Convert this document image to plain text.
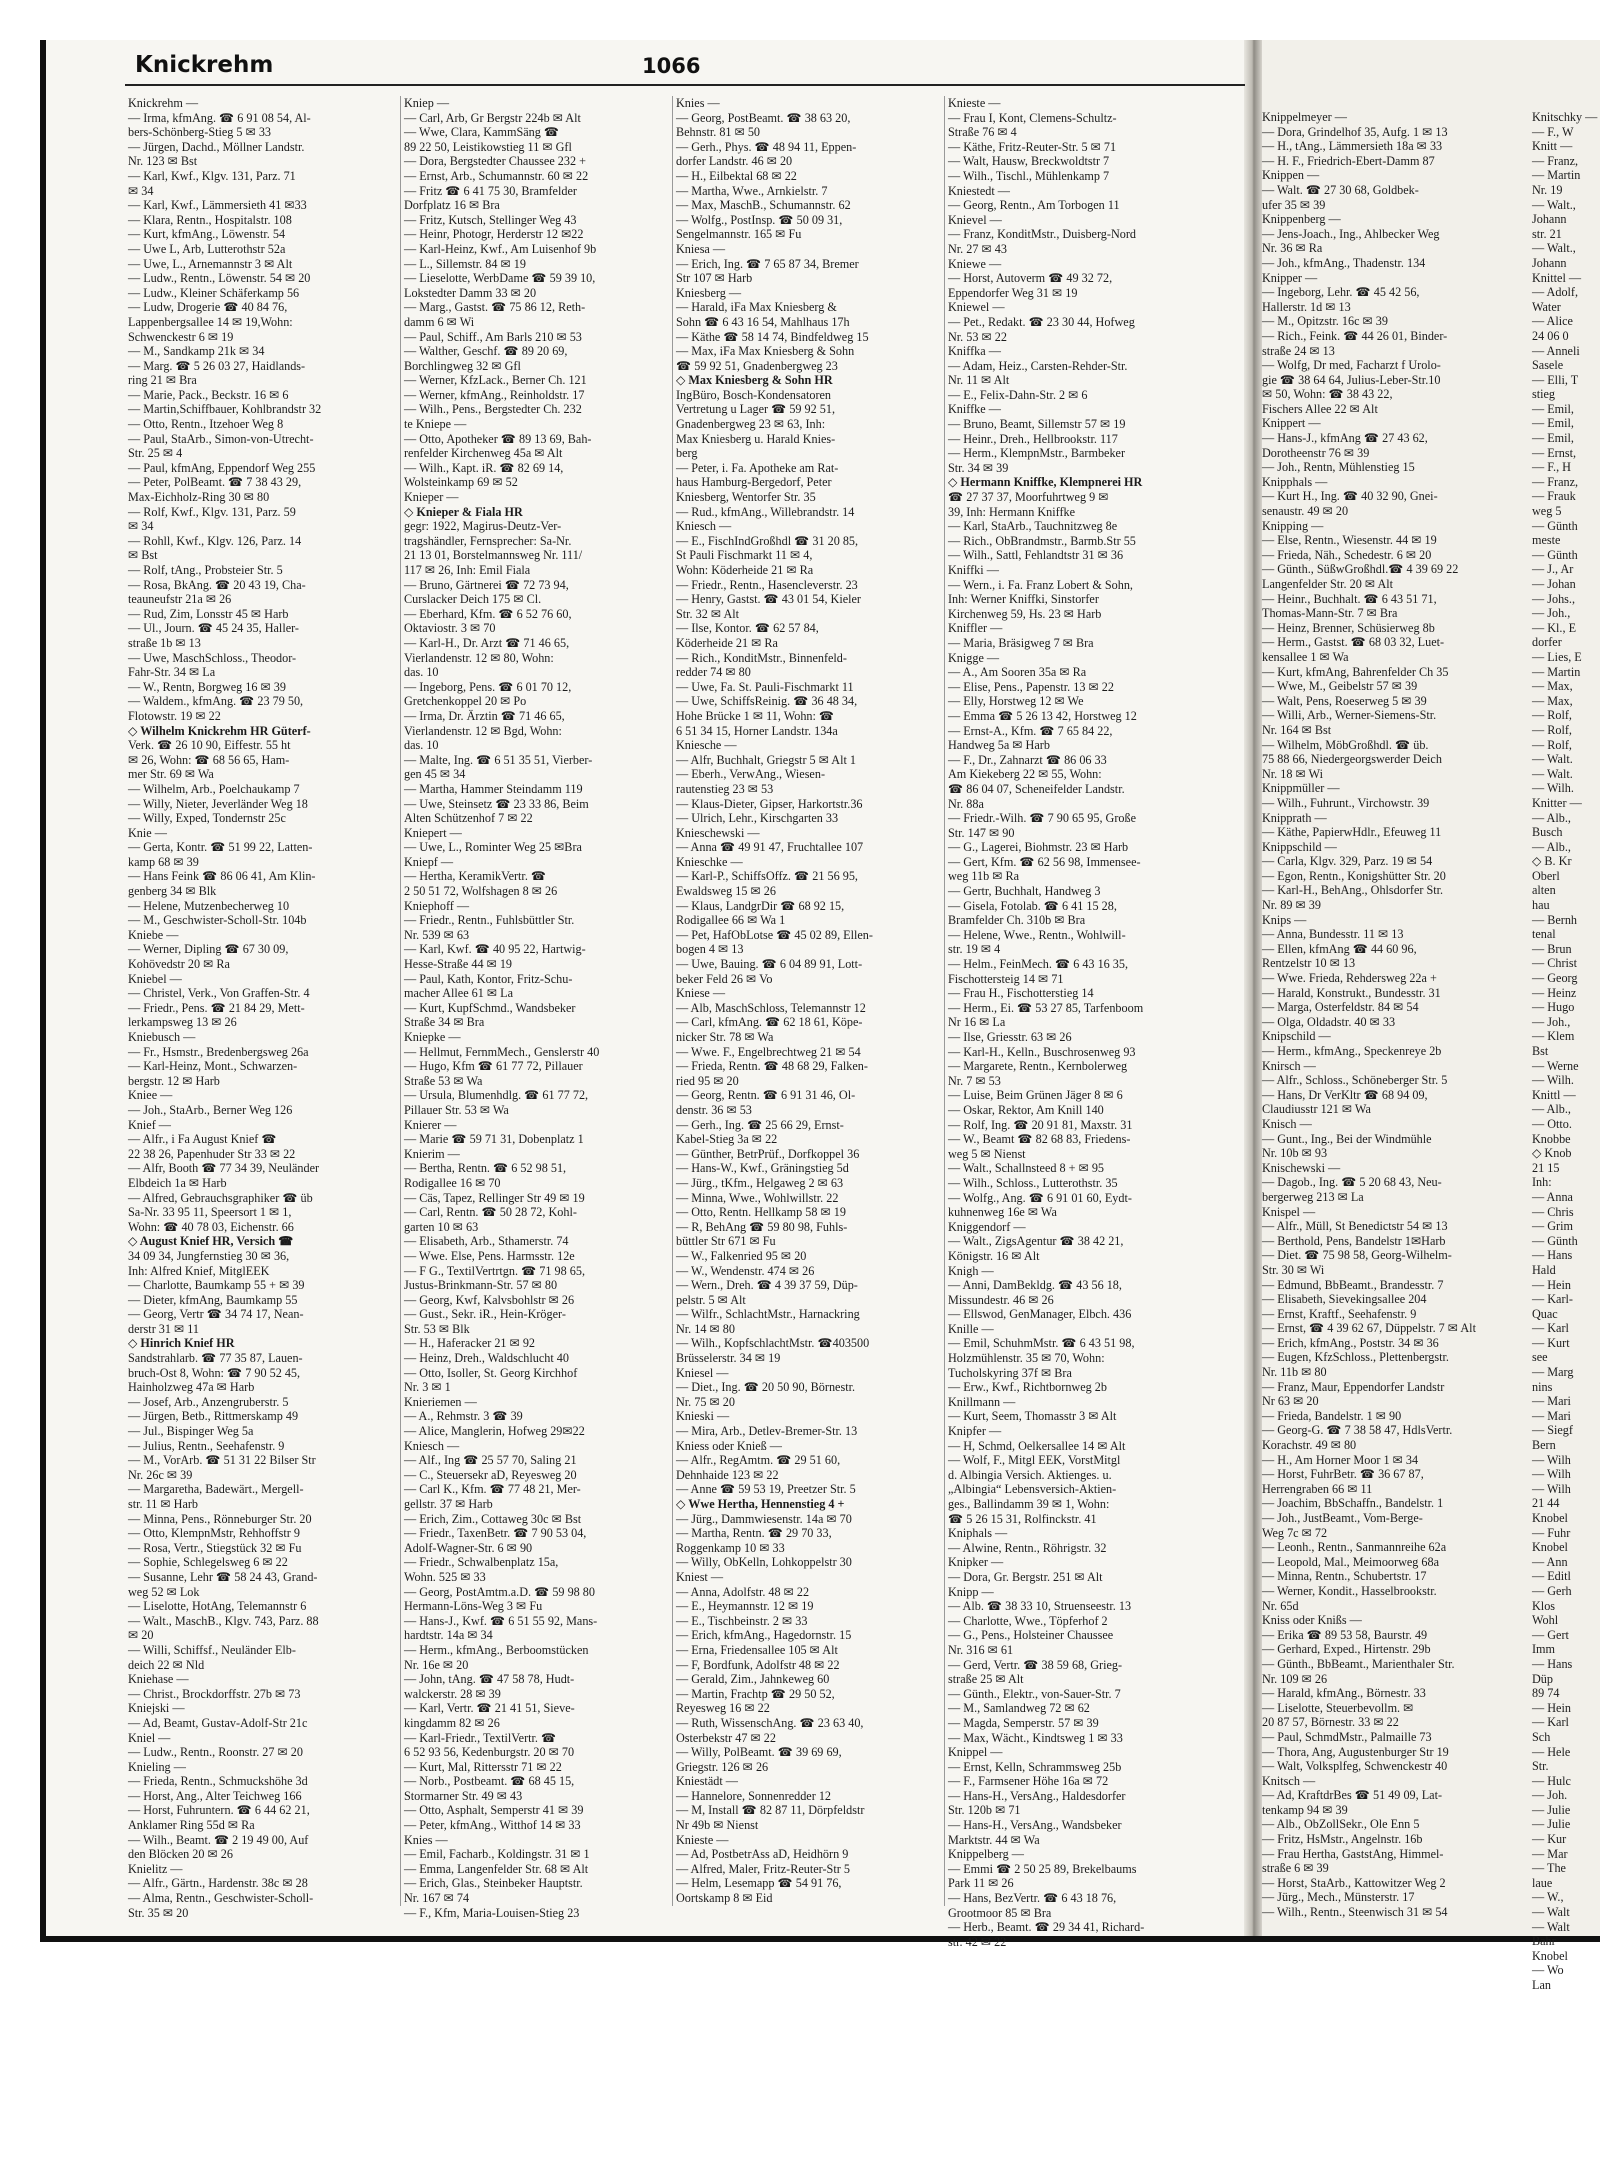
Knickrehm	1066
Knickrehm —
— Irma, kfmAng. ☎ 6 91 08 54, Al-
bers-Schönberg-Stieg 5 ✉ 33
— Jürgen, Dachd., Möllner Landstr.
Nr. 123 ✉ Bst
— Karl, Kwf., Klgv. 131, Parz. 71
✉ 34
— Karl, Kwf., Lämmersieth 41 ✉33
— Klara, Rentn., Hospitalstr. 108
— Kurt, kfmAng., Löwenstr. 54
— Uwe L, Arb, Lutterothstr 52a
— Uwe, L., Arnemannstr 3 ✉ Alt
— Ludw., Rentn., Löwenstr. 54 ✉ 20
— Ludw., Kleiner Schäferkamp 56
— Ludw, Drogerie ☎ 40 84 76,
Lappenbergsallee 14 ✉ 19,Wohn:
Schwenckestr 6 ✉ 19
— M., Sandkamp 21k ✉ 34
— Marg. ☎ 5 26 03 27, Haidlands-
ring 21 ✉ Bra
— Marie, Pack., Beckstr. 16 ✉ 6
— Martin,Schiffbauer, Kohlbrandstr 32
— Otto, Rentn., Itzehoer Weg 8
— Paul, StaArb., Simon-von-Utrecht-
Str. 25 ✉ 4
— Paul, kfmAng, Eppendorf Weg 255
— Peter, PolBeamt. ☎ 7 38 43 29,
Max-Eichholz-Ring 30 ✉ 80
— Rolf, Kwf., Klgv. 131, Parz. 59
✉ 34
— Rohll, Kwf., Klgv. 126, Parz. 14
✉ Bst
— Rolf, tAng., Probsteier Str. 5
— Rosa, BkAng. ☎ 20 43 19, Cha-
teauneufstr 21a ✉ 26
— Rud, Zim, Lonsstr 45 ✉ Harb
— Ul., Journ. ☎ 45 24 35, Haller-
straße 1b ✉ 13
— Uwe, MaschSchloss., Theodor-
Fahr-Str. 34 ✉ La
— W., Rentn, Borgweg 16 ✉ 39
— Waldem., kfmAng. ☎ 23 79 50,
Flotowstr. 19 ✉ 22
◇ Wilhelm Knickrehm HR Güterf-
Verk. ☎ 26 10 90, Eiffestr. 55 ht
✉ 26, Wohn: ☎ 68 56 65, Ham-
mer Str. 69 ✉ Wa
— Wilhelm, Arb., Poelchaukamp 7
— Willy, Nieter, Jeverländer Weg 18
— Willy, Exped, Tondernstr 25c
Knie —
— Gerta, Kontr. ☎ 51 99 22, Latten-
kamp 68 ✉ 39
— Hans Feink ☎ 86 06 41, Am Klin-
genberg 34 ✉ Blk
— Helene, Mutzenbecherweg 10
— M., Geschwister-Scholl-Str. 104b
Kniebe —
— Werner, Dipling ☎ 67 30 09,
Kohövedstr 20 ✉ Ra
Kniebel —
— Christel, Verk., Von Graffen-Str. 4
— Friedr., Pens. ☎ 21 84 29, Mett-
lerkampsweg 13 ✉ 26
Kniebusch —
— Fr., Hsmstr., Bredenbergsweg 26a
— Karl-Heinz, Mont., Schwarzen-
bergstr. 12 ✉ Harb
Kniee —
— Joh., StaArb., Berner Weg 126
Knief —
— Alfr., i Fa August Knief ☎
22 38 26, Papenhuder Str 33 ✉ 22
— Alfr, Booth ☎ 77 34 39, Neuländer
Elbdeich 1a ✉ Harb
— Alfred, Gebrauchsgraphiker ☎ üb
Sa-Nr. 33 95 11, Speersort 1 ✉ 1,
Wohn: ☎ 40 78 03, Eichenstr. 66
◇ August Knief HR, Versich ☎
34 09 34, Jungfernstieg 30 ✉ 36,
Inh: Alfred Knief, MitglEEK
— Charlotte, Baumkamp 55 + ✉ 39
— Dieter, kfmAng, Baumkamp 55
— Georg, Vertr ☎ 34 74 17, Nean-
derstr 31 ✉ 11
◇ Hinrich Knief HR
Sandstrahlarb. ☎ 77 35 87, Lauen-
bruch-Ost 8, Wohn: ☎ 7 90 52 45,
Hainholzweg 47a ✉ Harb
— Josef, Arb., Anzengruberstr. 5
— Jürgen, Betb., Rittmerskamp 49
— Jul., Bispinger Weg 5a
— Julius, Rentn., Seehafenstr. 9
— M., VorArb. ☎ 51 31 22 Bilser Str
Nr. 26c ✉ 39
— Margaretha, Badewärt., Mergell-
str. 11 ✉ Harb
— Minna, Pens., Rönneburger Str. 20
— Otto, KlempnMstr, Rehhoffstr 9
— Rosa, Vertr., Stiegstück 32 ✉ Fu
— Sophie, Schlegelsweg 6 ✉ 22
— Susanne, Lehr ☎ 58 24 43, Grand-
weg 52 ✉ Lok
— Liselotte, HotAng, Telemannstr 6
— Walt., MaschB., Klgv. 743, Parz. 88
✉ 20
— Willi, Schiffsf., Neuländer Elb-
deich 22 ✉ Nld
Kniehase —
— Christ., Brockdorffstr. 27b ✉ 73
Kniejski —
— Ad, Beamt, Gustav-Adolf-Str 21c
Kniel —
— Ludw., Rentn., Roonstr. 27 ✉ 20
Knieling —
— Frieda, Rentn., Schmuckshöhe 3d
— Horst, Ang., Alter Teichweg 166
— Horst, Fuhruntern. ☎ 6 44 62 21,
Anklamer Ring 55d ✉ Ra
— Wilh., Beamt. ☎ 2 19 49 00, Auf
den Blöcken 20 ✉ 26
Knielitz —
— Alfr., Gärtn., Hardenstr. 38c ✉ 28
— Alma, Rentn., Geschwister-Scholl-
Str. 35 ✉ 20
Kniep —
— Carl, Arb, Gr Bergstr 224b ✉ Alt
— Wwe, Clara, KammSäng ☎
89 22 50, Leistikowstieg 11 ✉ Gfl
— Dora, Bergstedter Chaussee 232 +
— Ernst, Arb., Schumannstr. 60 ✉ 22
— Fritz ☎ 6 41 75 30, Bramfelder
Dorfplatz 16 ✉ Bra
— Fritz, Kutsch, Stellinger Weg 43
— Heinr, Photogr, Herderstr 12 ✉22
— Karl-Heinz, Kwf., Am Luisenhof 9b
— L., Sillemstr. 84 ✉ 19
— Lieselotte, WerbDame ☎ 59 39 10,
Lokstedter Damm 33 ✉ 20
— Marg., Gastst. ☎ 75 86 12, Reth-
damm 6 ✉ Wi
— Paul, Schiff., Am Barls 210 ✉ 53
— Walther, Geschf. ☎ 89 20 69,
Borchlingweg 32 ✉ Gfl
— Werner, KfzLack., Berner Ch. 121
— Werner, kfmAng., Reinholdstr. 17
— Wilh., Pens., Bergstedter Ch. 232
te Kniepe —
— Otto, Apotheker ☎ 89 13 69, Bah-
renfelder Kirchenweg 45a ✉ Alt
— Wilh., Kapt. iR. ☎ 82 69 14,
Wolsteinkamp 69 ✉ 52
Knieper —
◇ Knieper & Fiala HR
gegr: 1922, Magirus-Deutz-Ver-
tragshändler, Fernsprecher: Sa-Nr.
21 13 01, Borstelmannsweg Nr. 111/
117 ✉ 26, Inh: Emil Fiala
— Bruno, Gärtnerei ☎ 72 73 94,
Curslacker Deich 175 ✉ Cl.
— Eberhard, Kfm. ☎ 6 52 76 60,
Oktaviostr. 3 ✉ 70
— Karl-H., Dr. Arzt ☎ 71 46 65,
Vierlandenstr. 12 ✉ 80, Wohn:
das. 10
— Ingeborg, Pens. ☎ 6 01 70 12,
Gretchenkoppel 20 ✉ Po
— Irma, Dr. Ärztin ☎ 71 46 65,
Vierlandenstr. 12 ✉ Bgd, Wohn:
das. 10
— Malte, Ing. ☎ 6 51 35 51, Vierber-
gen 45 ✉ 34
— Martha, Hammer Steindamm 119
— Uwe, Steinsetz ☎ 23 33 86, Beim
Alten Schützenhof 7 ✉ 22
Kniepert —
— Uwe, L., Rominter Weg 25 ✉Bra
Kniepf —
— Hertha, KeramikVertr. ☎
2 50 51 72, Wolfshagen 8 ✉ 26
Kniephoff —
— Friedr., Rentn., Fuhlsbüttler Str.
Nr. 539 ✉ 63
— Karl, Kwf. ☎ 40 95 22, Hartwig-
Hesse-Straße 44 ✉ 19
— Paul, Kath, Kontor, Fritz-Schu-
macher Allee 61 ✉ La
— Kurt, KupfSchmd., Wandsbeker
Straße 34 ✉ Bra
Kniepke —
— Hellmut, FernmMech., Genslerstr 40
— Hugo, Kfm ☎ 61 77 72, Pillauer
Straße 53 ✉ Wa
— Ursula, Blumenhdlg. ☎ 61 77 72,
Pillauer Str. 53 ✉ Wa
Knierer —
— Marie ☎ 59 71 31, Dobenplatz 1
Knierim —
— Bertha, Rentn. ☎ 6 52 98 51,
Rodigallee 16 ✉ 70
— Cäs, Tapez, Rellinger Str 49 ✉ 19
— Carl, Rentn. ☎ 50 28 72, Kohl-
garten 10 ✉ 63
— Elisabeth, Arb., Sthamerstr. 74
— Wwe. Else, Pens. Harmsstr. 12e
— F G., TextilVertrtgn. ☎ 71 98 65,
Justus-Brinkmann-Str. 57 ✉ 80
— Georg, Kwf, Kalvsbohlstr ✉ 26
— Gust., Sekr. iR., Hein-Kröger-
Str. 53 ✉ Blk
— H., Haferacker 21 ✉ 92
— Heinz, Dreh., Waldschlucht 40
— Otto, Isoller, St. Georg Kirchhof
Nr. 3 ✉ 1
Knieriemen —
— A., Rehmstr. 3 ☎ 39
— Alice, Manglerin, Hofweg 29✉22
Kniesch —
— Alf., Ing ☎ 25 57 70, Saling 21
— C., Steuersekr aD, Reyesweg 20
— Carl K., Kfm. ☎ 77 48 21, Mer-
gellstr. 37 ✉ Harb
— Erich, Zim., Cottaweg 30c ✉ Bst
— Friedr., TaxenBetr. ☎ 7 90 53 04,
Adolf-Wagner-Str. 6 ✉ 90
— Friedr., Schwalbenplatz 15a,
Wohn. 525 ✉ 33
— Georg, PostAmtm.a.D. ☎ 59 98 80
Hermann-Löns-Weg 3 ✉ Fu
— Hans-J., Kwf. ☎ 6 51 55 92, Mans-
hardtstr. 14a ✉ 34
— Herm., kfmAng., Berboomstücken
Nr. 16e ✉ 20
— John, tAng. ☎ 47 58 78, Hudt-
walckerstr. 28 ✉ 39
— Karl, Vertr. ☎ 21 41 51, Sieve-
kingdamm 82 ✉ 26
— Karl-Friedr., TextilVertr. ☎
6 52 93 56, Kedenburgstr. 20 ✉ 70
— Kurt, Mal, Rittersstr 71 ✉ 22
— Norb., Postbeamt. ☎ 68 45 15,
Stormarner Str. 49 ✉ 43
— Otto, Asphalt, Semperstr 41 ✉ 39
— Peter, kfmAng., Witthof 14 ✉ 33
Knies —
— Emil, Facharb., Koldingstr. 31 ✉ 1
— Emma, Langenfelder Str. 68 ✉ Alt
— Erich, Glas., Steinbeker Hauptstr.
Nr. 167 ✉ 74
— F., Kfm, Maria-Louisen-Stieg 23
Knies —
— Georg, PostBeamt. ☎ 38 63 20,
Behnstr. 81 ✉ 50
— Gerh., Phys. ☎ 48 94 11, Eppen-
dorfer Landstr. 46 ✉ 20
— H., Eilbektal 68 ✉ 22
— Martha, Wwe., Arnkielstr. 7
— Max, MaschB., Schumannstr. 62
— Wolfg., PostInsp. ☎ 50 09 31,
Sengelmannstr. 165 ✉ Fu
Kniesa —
— Erich, Ing. ☎ 7 65 87 34, Bremer
Str 107 ✉ Harb
Kniesberg —
— Harald, iFa Max Kniesberg &
Sohn ☎ 6 43 16 54, Mahlhaus 17h
— Käthe ☎ 58 14 74, Bindfeldweg 15
— Max, iFa Max Kniesberg & Sohn
☎ 59 92 51, Gnadenbergweg 23
◇ Max Kniesberg & Sohn HR
IngBüro, Bosch-Kondensatoren
Vertretung u Lager ☎ 59 92 51,
Gnadenbergweg 23 ✉ 63, Inh:
Max Kniesberg u. Harald Knies-
berg
— Peter, i. Fa. Apotheke am Rat-
haus Hamburg-Bergedorf, Peter
Kniesberg, Wentorfer Str. 35
— Rud., kfmAng., Willebrandstr. 14
Kniesch —
— E., FischIndGroßhdl ☎ 31 20 85,
St Pauli Fischmarkt 11 ✉ 4,
Wohn: Köderheide 21 ✉ Ra
— Friedr., Rentn., Hasencleverstr. 23
— Henry, Gastst. ☎ 43 01 54, Kieler
Str. 32 ✉ Alt
— Ilse, Kontor. ☎ 62 57 84,
Köderheide 21 ✉ Ra
— Rich., KonditMstr., Binnenfeld-
redder 74 ✉ 80
— Uwe, Fa. St. Pauli-Fischmarkt 11
— Uwe, SchiffsReinig. ☎ 36 48 34,
Hohe Brücke 1 ✉ 11, Wohn: ☎
6 51 34 15, Horner Landstr. 134a
Kniesche —
— Alfr, Buchhalt, Griegstr 5 ✉ Alt 1
— Eberh., VerwAng., Wiesen-
rautenstieg 23 ✉ 53
— Klaus-Dieter, Gipser, Harkortstr.36
— Ulrich, Lehr., Kirschgarten 33
Knieschewski —
— Anna ☎ 49 91 47, Fruchtallee 107
Knieschke —
— Karl-P., SchiffsOffz. ☎ 21 56 95,
Ewaldsweg 15 ✉ 26
— Klaus, LandgrDir ☎ 68 92 15,
Rodigallee 66 ✉ Wa 1
— Pet, HafObLotse ☎ 45 02 89, Ellen-
bogen 4 ✉ 13
— Uwe, Bauing. ☎ 6 04 89 91, Lott-
beker Feld 26 ✉ Vo
Kniese —
— Alb, MaschSchloss, Telemannstr 12
— Carl, kfmAng. ☎ 62 18 61, Köpe-
nicker Str. 78 ✉ Wa
— Wwe. F., Engelbrechtweg 21 ✉ 54
— Frieda, Rentn. ☎ 48 68 29, Falken-
ried 95 ✉ 20
— Georg, Rentn. ☎ 6 91 31 46, Ol-
denstr. 36 ✉ 53
— Gerh., Ing. ☎ 25 66 29, Ernst-
Kabel-Stieg 3a ✉ 22
— Günther, BetrPrüf., Dorfkoppel 36
— Hans-W., Kwf., Gräningstieg 5d
— Jürg., tKfm., Helgaweg 2 ✉ 63
— Minna, Wwe., Wohlwillstr. 22
— Otto, Rentn. Hellkamp 58 ✉ 19
— R, BehAng ☎ 59 80 98, Fuhls-
büttler Str 671 ✉ Fu
— W., Falkenried 95 ✉ 20
— W., Wendenstr. 474 ✉ 26
— Wern., Dreh. ☎ 4 39 37 59, Düp-
pelstr. 5 ✉ Alt
— Wilfr., SchlachtMstr., Harnackring
Nr. 14 ✉ 80
— Wilh., KopfschlachtMstr. ☎403500
Brüsselerstr. 34 ✉ 19
Kniesel —
— Diet., Ing. ☎ 20 50 90, Börnestr.
Nr. 75 ✉ 20
Knieski —
— Mira, Arb., Detlev-Bremer-Str. 13
Kniess oder Knieß —
— Alfr., RegAmtm. ☎ 29 51 60,
Dehnhaide 123 ✉ 22
— Anne ☎ 59 53 19, Preetzer Str. 5
◇ Wwe Hertha, Hennenstieg 4 +
— Jürg., Dammwiesenstr. 14a ✉ 70
— Martha, Rentn. ☎ 29 70 33,
Roggenkamp 10 ✉ 33
— Willy, ObKelln, Lohkoppelstr 30
Kniest —
— Anna, Adolfstr. 48 ✉ 22
— E., Heymannstr. 12 ✉ 19
— E., Tischbeinstr. 2 ✉ 33
— Erich, kfmAng., Hagedornstr. 15
— Erna, Friedensallee 105 ✉ Alt
— F, Bordfunk, Adolfstr 48 ✉ 22
— Gerald, Zim., Jahnkeweg 60
— Martin, Frachtp ☎ 29 50 52,
Reyesweg 16 ✉ 22
— Ruth, WissenschAng. ☎ 23 63 40,
Osterbekstr 47 ✉ 22
— Willy, PolBeamt. ☎ 39 69 69,
Griegstr. 126 ✉ 26
Kniestädt —
— Hannelore, Sonnenredder 12
— M, Install ☎ 82 87 11, Dörpfeldstr
Nr 49b ✉ Nienst
Knieste —
— Ad, PostbetrAss aD, Heidhörn 9
— Alfred, Maler, Fritz-Reuter-Str 5
— Helm, Lesemapp ☎ 54 91 76,
Oortskamp 8 ✉ Eid
Knieste —
— Frau I, Kont, Clemens-Schultz-
Straße 76 ✉ 4
— Käthe, Fritz-Reuter-Str. 5 ✉ 71
— Walt, Hausw, Breckwoldtstr 7
— Wilh., Tischl., Mühlenkamp 7
Kniestedt —
— Georg, Rentn., Am Torbogen 11
Knievel —
— Franz, KonditMstr., Duisberg-Nord
Nr. 27 ✉ 43
Kniewe —
— Horst, Autoverm ☎ 49 32 72,
Eppendorfer Weg 31 ✉ 19
Kniewel —
— Pet., Redakt. ☎ 23 30 44, Hofweg
Nr. 53 ✉ 22
Kniffka —
— Adam, Heiz., Carsten-Rehder-Str.
Nr. 11 ✉ Alt
— E., Felix-Dahn-Str. 2 ✉ 6
Kniffke —
— Bruno, Beamt, Sillemstr 57 ✉ 19
— Heinr., Dreh., Hellbrookstr. 117
— Herm., KlempnMstr., Barmbeker
Str. 34 ✉ 39
◇ Hermann Kniffke, Klempnerei HR
☎ 27 37 37, Moorfuhrtweg 9 ✉
39, Inh: Hermann Kniffke
— Karl, StaArb., Tauchnitzweg 8e
— Rich., ObBrandmstr., Barmb.Str 55
— Wilh., Sattl, Fehlandtstr 31 ✉ 36
Kniffki —
— Wern., i. Fa. Franz Lobert & Sohn,
Inh: Werner Kniffki, Sinstorfer
Kirchenweg 59, Hs. 23 ✉ Harb
Kniffler —
— Maria, Bräsigweg 7 ✉ Bra
Knigge —
— A., Am Sooren 35a ✉ Ra
— Elise, Pens., Papenstr. 13 ✉ 22
— Elly, Horstweg 12 ✉ We
— Emma ☎ 5 26 13 42, Horstweg 12
— Ernst-A., Kfm. ☎ 7 65 84 22,
Handweg 5a ✉ Harb
— F., Dr., Zahnarzt ☎ 86 06 33
Am Kiekeberg 22 ✉ 55, Wohn:
☎ 86 04 07, Scheneifelder Landstr.
Nr. 88a
— Friedr.-Wilh. ☎ 7 90 65 95, Große
Str. 147 ✉ 90
— G., Lagerei, Biohmstr. 23 ✉ Harb
— Gert, Kfm. ☎ 62 56 98, Immensee-
weg 11b ✉ Ra
— Gertr, Buchhalt, Handweg 3
— Gisela, Fotolab. ☎ 6 41 15 28,
Bramfelder Ch. 310b ✉ Bra
— Helene, Wwe., Rentn., Wohlwill-
str. 19 ✉ 4
— Helm., FeinMech. ☎ 6 43 16 35,
Fischottersteig 14 ✉ 71
— Frau H., Fischotterstieg 14
— Herm., Ei. ☎ 53 27 85, Tarfenboom
Nr 16 ✉ La
— Ilse, Griesstr. 63 ✉ 26
— Karl-H., Kelln., Buschrosenweg 93
— Margarete, Rentn., Kernbolerweg
Nr. 7 ✉ 53
— Luise, Beim Grünen Jäger 8 ✉ 6
— Oskar, Rektor, Am Knill 140
— Rolf, Ing. ☎ 20 91 81, Maxstr. 31
— W., Beamt ☎ 82 68 83, Friedens-
weg 5 ✉ Nienst
— Walt., Schallnsteed 8 + ✉ 95
— Wilh., Schloss., Lutterothstr. 35
— Wolfg., Ang. ☎ 6 91 01 60, Eydt-
kuhnenweg 16e ✉ Wa
Kniggendorf —
— Walt., ZigsAgentur ☎ 38 42 21,
Königstr. 16 ✉ Alt
Knigh —
— Anni, DamBekldg. ☎ 43 56 18,
Missundestr. 46 ✉ 26
— Ellswod, GenManager, Elbch. 436
Knille —
— Emil, SchuhmMstr. ☎ 6 43 51 98,
Holzmühlenstr. 35 ✉ 70, Wohn:
Tucholskyring 37f ✉ Bra
— Erw., Kwf., Richtbornweg 2b
Knillmann —
— Kurt, Seem, Thomasstr 3 ✉ Alt
Knipfer —
— H, Schmd, Oelkersallee 14 ✉ Alt
— Wolf, F., Mitgl EEK, VorstMitgl
d. Albingia Versich. Aktienges. u.
„Albingia“ Lebensversich-Aktien-
ges., Ballindamm 39 ✉ 1, Wohn:
☎ 5 26 15 31, Rolfinckstr. 41
Kniphals —
— Alwine, Rentn., Röhrigstr. 32
Knipker —
— Dora, Gr. Bergstr. 251 ✉ Alt
Knipp —
— Alb. ☎ 38 33 10, Struenseestr. 13
— Charlotte, Wwe., Töpferhof 2
— G., Pens., Holsteiner Chaussee
Nr. 316 ✉ 61
— Gerd, Vertr. ☎ 38 59 68, Grieg-
straße 25 ✉ Alt
— Günth., Elektr., von-Sauer-Str. 7
— M., Samlandweg 72 ✉ 62
— Magda, Semperstr. 57 ✉ 39
— Max, Wächt., Kindtsweg 1 ✉ 33
Knippel —
— Ernst, Kelln, Schrammsweg 25b
— F., Farmsener Höhe 16a ✉ 72
— Hans-H., VersAng., Haldesdorfer
Str. 120b ✉ 71
— Hans-H., VersAng., Wandsbeker
Marktstr. 44 ✉ Wa
Knippelberg —
— Emmi ☎ 2 50 25 89, Brekelbaums
Park 11 ✉ 26
— Hans, BezVertr. ☎ 6 43 18 76,
Grootmoor 85 ✉ Bra
— Herb., Beamt. ☎ 29 34 41, Richard-
str. 42 ✉ 22
Knippelmeyer —
— Dora, Grindelhof 35, Aufg. 1 ✉ 13
— H., tAng., Lämmersieth 18a ✉ 33
— H. F., Friedrich-Ebert-Damm 87
Knippen —
— Walt. ☎ 27 30 68, Goldbek-
ufer 35 ✉ 39
Knippenberg —
— Jens-Joach., Ing., Ahlbecker Weg
Nr. 36 ✉ Ra
— Joh., kfmAng., Thadenstr. 134
Knipper —
— Ingeborg, Lehr. ☎ 45 42 56,
Hallerstr. 1d ✉ 13
— M., Opitzstr. 16c ✉ 39
— Rich., Feink. ☎ 44 26 01, Binder-
straße 24 ✉ 13
— Wolfg, Dr med, Facharzt f Urolo-
gie ☎ 38 64 64, Julius-Leber-Str.10
✉ 50, Wohn: ☎ 38 43 22,
Fischers Allee 22 ✉ Alt
Knippert —
— Hans-J., kfmAng ☎ 27 43 62,
Dorotheenstr 76 ✉ 39
— Joh., Rentn, Mühlenstieg 15
Knipphals —
— Kurt H., Ing. ☎ 40 32 90, Gnei-
senaustr. 49 ✉ 20
Knipping —
— Else, Rentn., Wiesenstr. 44 ✉ 19
— Frieda, Näh., Schedestr. 6 ✉ 20
— Günth., SüßwGroßhdl.☎ 4 39 69 22
Langenfelder Str. 20 ✉ Alt
— Heinr., Buchhalt. ☎ 6 43 51 71,
Thomas-Mann-Str. 7 ✉ Bra
— Heinz, Brenner, Schüsierweg 8b
— Herm., Gastst. ☎ 68 03 32, Luet-
kensallee 1 ✉ Wa
— Kurt, kfmAng, Bahrenfelder Ch 35
— Wwe, M., Geibelstr 57 ✉ 39
— Walt, Pens, Roeserweg 5 ✉ 39
— Willi, Arb., Werner-Siemens-Str.
Nr. 164 ✉ Bst
— Wilhelm, MöbGroßhdl. ☎ üb.
75 88 66, Niedergeorgswerder Deich
Nr. 18 ✉ Wi
Knippmüller —
— Wilh., Fuhrunt., Virchowstr. 39
Knipprath —
— Käthe, PapierwHdlr., Efeuweg 11
Knippschild —
— Carla, Klgv. 329, Parz. 19 ✉ 54
— Egon, Rentn., Konigshütter Str. 20
— Karl-H., BehAng., Ohlsdorfer Str.
Nr. 89 ✉ 39
Knips —
— Anna, Bundesstr. 11 ✉ 13
— Ellen, kfmAng ☎ 44 60 96,
Rentzelstr 10 ✉ 13
— Wwe. Frieda, Rehdersweg 22a +
— Harald, Konstrukt., Bundesstr. 31
— Marga, Osterfeldstr. 84 ✉ 54
— Olga, Oldadstr. 40 ✉ 33
Knipschild —
— Herm., kfmAng., Speckenreye 2b
Knirsch —
— Alfr., Schloss., Schöneberger Str. 5
— Hans, Dr VerKltr ☎ 68 94 09,
Claudiusstr 121 ✉ Wa
Knisch —
— Gunt., Ing., Bei der Windmühle
Nr. 10b ✉ 93
Knischewski —
— Dagob., Ing. ☎ 5 20 68 43, Neu-
bergerweg 213 ✉ La
Knispel —
— Alfr., Müll, St Benedictstr 54 ✉ 13
— Berthold, Pens, Bandelstr 1✉Harb
— Diet. ☎ 75 98 58, Georg-Wilhelm-
Str. 30 ✉ Wi
— Edmund, BbBeamt., Brandesstr. 7
— Elisabeth, Sievekingsallee 204
— Ernst, Kraftf., Seehafenstr. 9
— Ernst, ☎ 4 39 62 67, Düppelstr. 7 ✉ Alt
— Erich, kfmAng., Poststr. 34 ✉ 36
— Eugen, KfzSchloss., Plettenbergstr.
Nr. 11b ✉ 80
— Franz, Maur, Eppendorfer Landstr
Nr 63 ✉ 20
— Frieda, Bandelstr. 1 ✉ 90
— Georg-G. ☎ 7 38 58 47, HdlsVertr.
Korachstr. 49 ✉ 80
— H., Am Horner Moor 1 ✉ 34
— Horst, FuhrBetr. ☎ 36 67 87,
Herrengraben 66 ✉ 11
— Joachim, BbSchaffn., Bandelstr. 1
— Joh., JustBeamt., Vom-Berge-
Weg 7c ✉ 72
— Leonh., Rentn., Sanmannreihe 62a
— Leopold, Mal., Meimoorweg 68a
— Minna, Rentn., Schubertstr. 17
— Werner, Kondit., Hasselbrookstr.
Nr. 65d
Kniss oder Knißs —
— Erika ☎ 89 53 58, Baurstr. 49
— Gerhard, Exped., Hirtenstr. 29b
— Günth., BbBeamt., Marienthaler Str.
Nr. 109 ✉ 26
— Harald, kfmAng., Börnestr. 33
— Liselotte, Steuerbevollm. ✉
20 87 57, Börnestr. 33 ✉ 22
— Paul, SchmdMstr., Palmaille 73
— Thora, Ang, Augustenburger Str 19
— Walt, Volksplfeg, Schwenckestr 40
Knitsch —
— Ad, KraftdrBes ☎ 51 49 09, Lat-
tenkamp 94 ✉ 39
— Alb., ObZollSekr., Ole Enn 5
— Fritz, HsMstr., Angelnstr. 16b
— Frau Hertha, GaststAng, Himmel-
straße 6 ✉ 39
— Horst, StaArb., Kattowitzer Weg 2
— Jürg., Mech., Münsterstr. 17
— Wilh., Rentn., Steenwisch 31 ✉ 54
Knitschky —
— F., W
Knitt —
— Franz,
— Martin
Nr. 19
— Walt.,
Johann
str. 21
— Walt.,
Johann
Knittel —
— Adolf,
Water
— Alice
24 06 0
— Anneli
Sasele
— Elli, T
stieg
— Emil,
— Emil,
— Emil,
— Ernst,
— F., H
— Franz,
— Frauk
weg 5
— Günth
meste
— Günth
— J., Ar
— Johan
— Johs.,
— Joh.,
— Kl., E
dorfer
— Lies, E
— Martin
— Max,
— Max,
— Rolf,
— Rolf,
— Rolf,
— Walt.
— Walt.
— Wilh.
Knitter —
— Alb.,
Busch
— Alb.,
◇ B. Kr
Oberl
alten
hau
— Bernh
tenal
— Brun
— Christ
— Georg
— Heinz
— Hugo
— Joh.,
— Klem
Bst
— Werne
— Wilh.
Knittl —
— Alb.,
— Otto.
Knobbe
◇ Knob
21 15
Inh:
— Anna
— Chris
— Grim
— Günth
— Hans
Hald
— Hein
— Karl-
Quac
— Karl
— Kurt
see
— Marg
nins
— Mari
— Mari
— Siegf
Bern
— Wilh
— Wilh
— Wilh
21 44
Knobel
— Fuhr
Knobel
— Ann
— Editl
— Gerh
Klos
Wohl
— Gert
Imm
— Hans
Düp
89 74
— Hein
— Karl
Sch
— Hele
Str.
— Hulc
— Joh.
— Julie
— Julie
— Kur
— Mar
— The
laue
— W.,
— Walt
— Walt
Bahr
Knobel
— Wo
Lan
